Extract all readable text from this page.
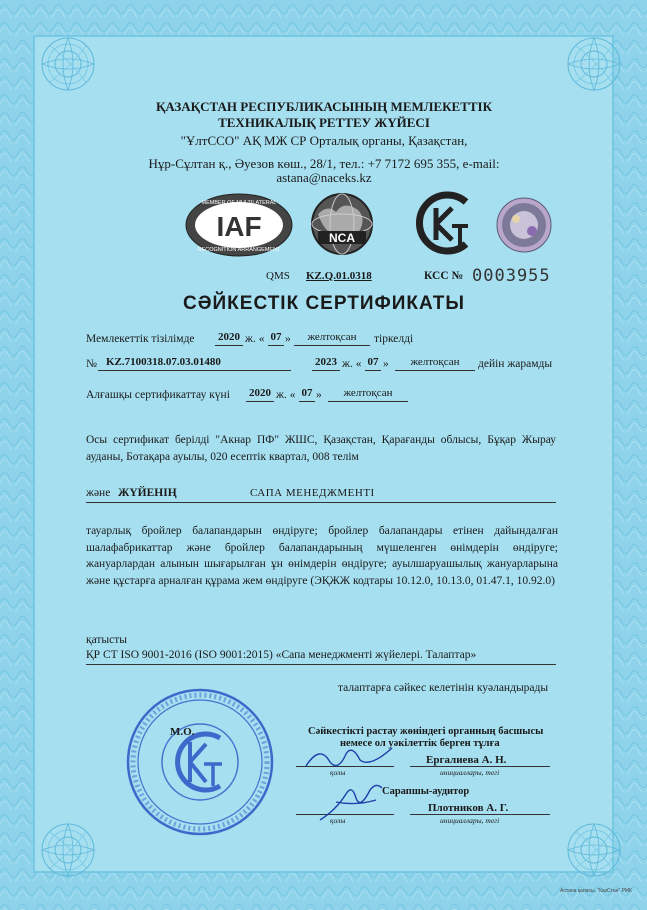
ҚАЗАҚСТАН РЕСПУБЛИКАСЫНЫҢ МЕМЛЕКЕТТІК
ТЕХНИКАЛЫҚ РЕТТЕУ ЖҮЙЕСІ
"ҰлтССО" АҚ МЖ СР Орталық органы, Қазақстан,
Нұр-Сұлтан қ., Әуезов көш., 28/1, тел.: +7 7172 695 355, e-mail:
astana@naceks.kz
MEMBER OF MULTILATERAL
RECOGNITION ARRANGEMENT
IAF	NCA
QMS KZ.Q.01.0318	КСС № 0003955
СӘЙКЕСТІК СЕРТИФИКАТЫ
Мемлекеттік тізілімде 2020 ж. « 07 »	желтоқсан	тіркелді
№ KZ.7100318.07.03.01480	2023 ж. « 07 »	желтоқсан	дейін жарамды
Алғашқы сертификаттау күні 2020 ж. « 07 »	желтоқсан
Осы сертификат берілді "Акнар ПФ" ЖШС, Қазақстан, Қарағанды облысы, Бұқар Жырау ауданы, Ботақара ауылы, 020 есептік квартал, 008 телім
және ЖҮЙЕНІҢ	САПА МЕНЕДЖМЕНТІ
тауарлық бройлер балапандарын өндіруге; бройлер балапандары етінен дайындалған шалафабрикаттар және бройлер балапандарының мүшеленген өнімдерін өндіруге; жануарлардан алынын шығарылған ұн өнімдерін өндіруге; ауылшаруашылық жануарларына және құстарға арналған құрама жем өндіруге (ЭҚЖЖ кодтары 10.12.0, 10.13.0, 01.47.1, 10.92.0)
қатысты
ҚР СТ ISO 9001-2016 (ISO 9001:2015) «Сапа менеджменті жүйелері. Талаптар»
талаптарға сәйкес келетінін куәландырады
М.О.	Сәйкестікті растау жөніндегі органның басшысы
немесе ол уәкілеттік берген тұлға
қолы
Ергалиева А. Н.
инициаллары, тегі
Сарапшы-аудитор
қолы
Плотников А. Г.
инициаллары, тегі
Астана қаласы, "КазСтан" РМК
